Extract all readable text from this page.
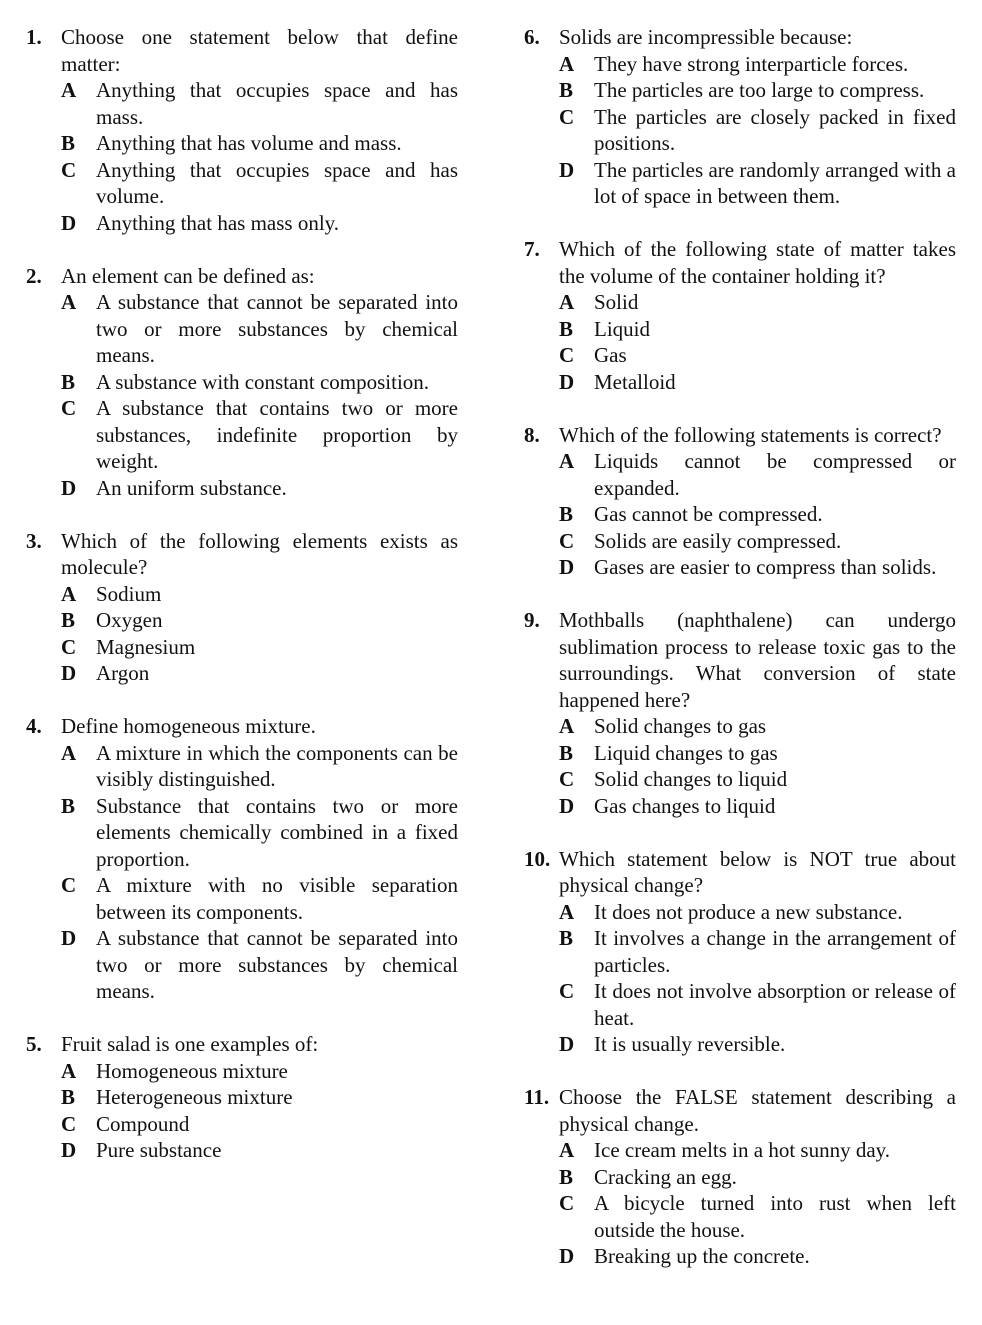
1. Choose one statement below that define matter:
A Anything that occupies space and has mass.
B Anything that has volume and mass.
C Anything that occupies space and has volume.
D Anything that has mass only.
2. An element can be defined as:
A A substance that cannot be separated into two or more substances by chemical means.
B A substance with constant composition.
C A substance that contains two or more substances, indefinite proportion by weight.
D An uniform substance.
3. Which of the following elements exists as molecule?
A Sodium
B Oxygen
C Magnesium
D Argon
4. Define homogeneous mixture.
A A mixture in which the components can be visibly distinguished.
B Substance that contains two or more elements chemically combined in a fixed proportion.
C A mixture with no visible separation between its components.
D A substance that cannot be separated into two or more substances by chemical means.
5. Fruit salad is one examples of:
A Homogeneous mixture
B Heterogeneous mixture
C Compound
D Pure substance
6. Solids are incompressible because:
A They have strong interparticle forces.
B The particles are too large to compress.
C The particles are closely packed in fixed positions.
D The particles are randomly arranged with a lot of space in between them.
7. Which of the following state of matter takes the volume of the container holding it?
A Solid
B Liquid
C Gas
D Metalloid
8. Which of the following statements is correct?
A Liquids cannot be compressed or expanded.
B Gas cannot be compressed.
C Solids are easily compressed.
D Gases are easier to compress than solids.
9. Mothballs (naphthalene) can undergo sublimation process to release toxic gas to the surroundings. What conversion of state happened here?
A Solid changes to gas
B Liquid changes to gas
C Solid changes to liquid
D Gas changes to liquid
10. Which statement below is NOT true about physical change?
A It does not produce a new substance.
B It involves a change in the arrangement of particles.
C It does not involve absorption or release of heat.
D It is usually reversible.
11. Choose the FALSE statement describing a physical change.
A Ice cream melts in a hot sunny day.
B Cracking an egg.
C A bicycle turned into rust when left outside the house.
D Breaking up the concrete.
